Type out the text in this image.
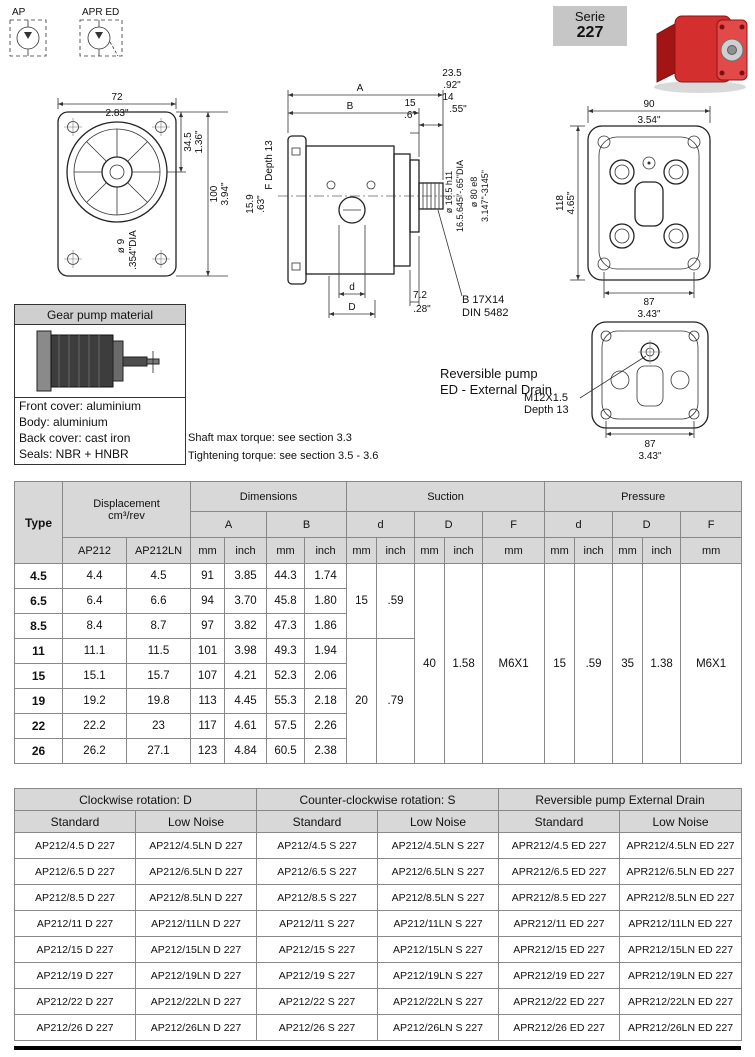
AP	APR ED
72
2.83"
34.5 1.36"
100 3.94"
ø 9 .354"DIA
A
B
23.5
.92"
14
15
.6"
.55"
F Depth 13
15.9 .63"
d
D
7.2
.28"
B 17X14
DIN 5482
ø 16.5 h11 16.5.645"-.65"DIA ø 80 e8 3.147"-3145"
90
3.54"
118 4.65"
87
3.43"
M12X1.5
Depth 13
87
3.43"
Reversible pump
ED - External Drain
Shaft max torque: see section 3.3
Tightening torque: see section 3.5 - 3.6
Serie
227
Gear pump material
Front cover: aluminium
Body: aluminium
Back cover: cast iron
Seals: NBR + HNBR
Type	Displacement
cm³/rev		Dimensions				Suction					Pressure				
			A		B		d		D		F	d		D		F
	AP212	AP212LN	mm	inch	mm	inch	mm	inch	mm	inch	mm	mm	inch	mm	inch	mm
4.5	4.4	4.5	91	3.85	44.3	1.74	15	.59	40	1.58	M6X1	15	.59	35	1.38	M6X1
6.5	6.4	6.6	94	3.70	45.8	1.80										
8.5	8.4	8.7	97	3.82	47.3	1.86										
11	11.1	11.5	101	3.98	49.3	1.94	20	.79								
15	15.1	15.7	107	4.21	52.3	2.06										
19	19.2	19.8	113	4.45	55.3	2.18										
22	22.2	23	117	4.61	57.5	2.26										
26	26.2	27.1	123	4.84	60.5	2.38										
Clockwise rotation: D		Counter-clockwise rotation: S		Reversible pump External Drain	
Standard	Low Noise	Standard	Low Noise	Standard	Low Noise
AP212/4.5 D 227	AP212/4.5LN D 227	AP212/4.5 S 227	AP212/4.5LN S 227	APR212/4.5 ED 227	APR212/4.5LN ED 227
AP212/6.5 D 227	AP212/6.5LN D 227	AP212/6.5 S 227	AP212/6.5LN S 227	APR212/6.5 ED 227	APR212/6.5LN ED 227
AP212/8.5 D 227	AP212/8.5LN D 227	AP212/8.5 S 227	AP212/8.5LN S 227	APR212/8.5 ED 227	APR212/8.5LN ED 227
AP212/11 D 227	AP212/11LN D 227	AP212/11 S 227	AP212/11LN S 227	APR212/11 ED 227	APR212/11LN ED 227
AP212/15 D 227	AP212/15LN D 227	AP212/15 S 227	AP212/15LN S 227	APR212/15 ED 227	APR212/15LN ED 227
AP212/19 D 227	AP212/19LN D 227	AP212/19 S 227	AP212/19LN S 227	APR212/19 ED 227	APR212/19LN ED 227
AP212/22 D 227	AP212/22LN D 227	AP212/22 S 227	AP212/22LN S 227	APR212/22 ED 227	APR212/22LN ED 227
AP212/26 D 227	AP212/26LN D 227	AP212/26 S 227	AP212/26LN S 227	APR212/26 ED 227	APR212/26LN ED 227
